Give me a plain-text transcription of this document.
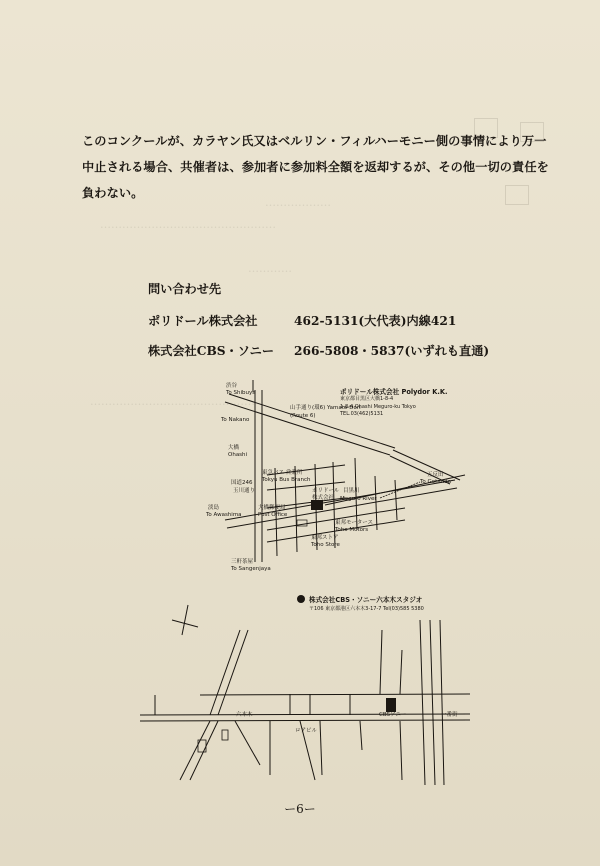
………………
…………………………………………
…………
………………………………………

このコンクールが、カラヤン氏又はベルリン・フィルハーモニー側の事情により万一

中止される場合、共催者は、参加者に参加料全額を返却するが、その他一切の責任を

負わない。

問い合わせ先
ポリドール株式会社	462-5131(大代表)内線421
株式会社CBS・ソニー 266-5808・5837(いずれも直通)
渋谷
To Shibuya
To Nakano
山手通り(環6) Yamate-Dori
(Route 6)
大橋
Ohashi
五反田
To Gotanda
東急バス 営業所
Tokyu Bus Branch
ポリドール
株式会社
目黒川
Meguro River
国道246
淡島
To Awashima
大橋郵便局
Post Office
東邦モータース
Toho Motors
東邦ストア
Toho Store
三軒茶屋
To Sangenjaya
玉川通り
ポリドール株式会社 Polydor K.K.
東京都目黒区大橋1-8-4
1-8-4 Ohashi Meguro-ku Tokyo
TEL.03(462)5131
株式会社CBS・ソニー六本木スタジオ
〒106 東京都港区六本木3-17-7 Tel(03)585 5380
六本木	CBSソニー
ロアビル
一番街
ー6ー
